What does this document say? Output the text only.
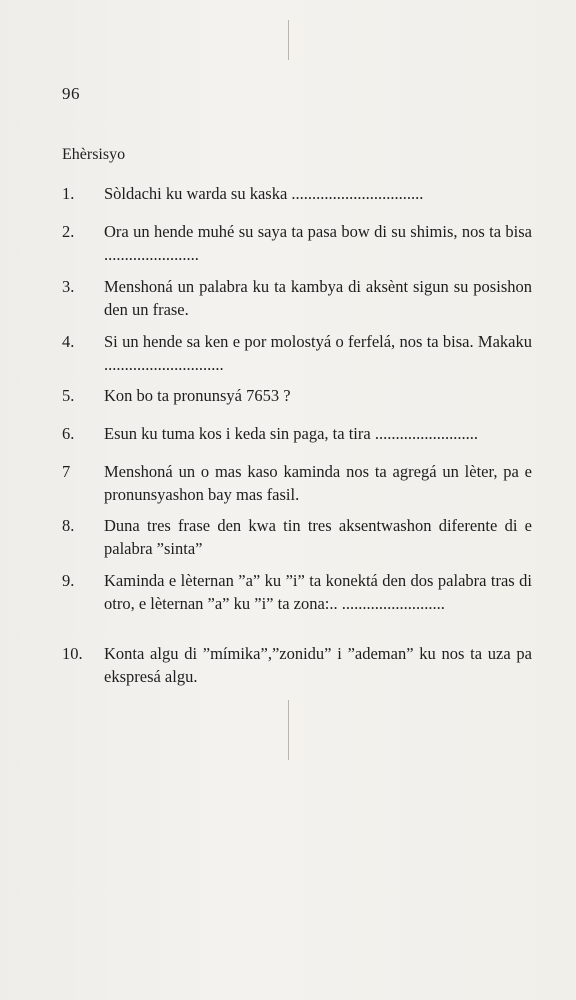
96
Ehèrsisyo
1.	Sòldachi ku warda su kaska ................................
2.	Ora un hende muhé su saya ta pasa bow di su shimis, nos ta bisa .......................
3.	Menshoná un palabra ku ta kambya di aksènt sigun su posishon den un frase.
4.	Si un hende sa ken e por molostyá o ferfelá, nos ta bisa. Makaku .............................
5.	Kon bo ta pronunsyá 7653 ?
6.	Esun ku tuma kos i keda sin paga, ta tira .........................
7	Menshoná un o mas kaso kaminda nos ta agregá un lèter, pa e pronunsyashon bay mas fasil.
8.	Duna tres frase den kwa tin tres aksentwashon diferente di e palabra ”sinta”
9.	Kaminda e lèternan ”a” ku ”i” ta konektá den dos palabra tras di otro, e lèternan ”a” ku ”i” ta zona:.. .........................
10.	Konta algu di ”mímika”,”zonidu” i ”ademan” ku nos ta uza pa ekspresá algu.
